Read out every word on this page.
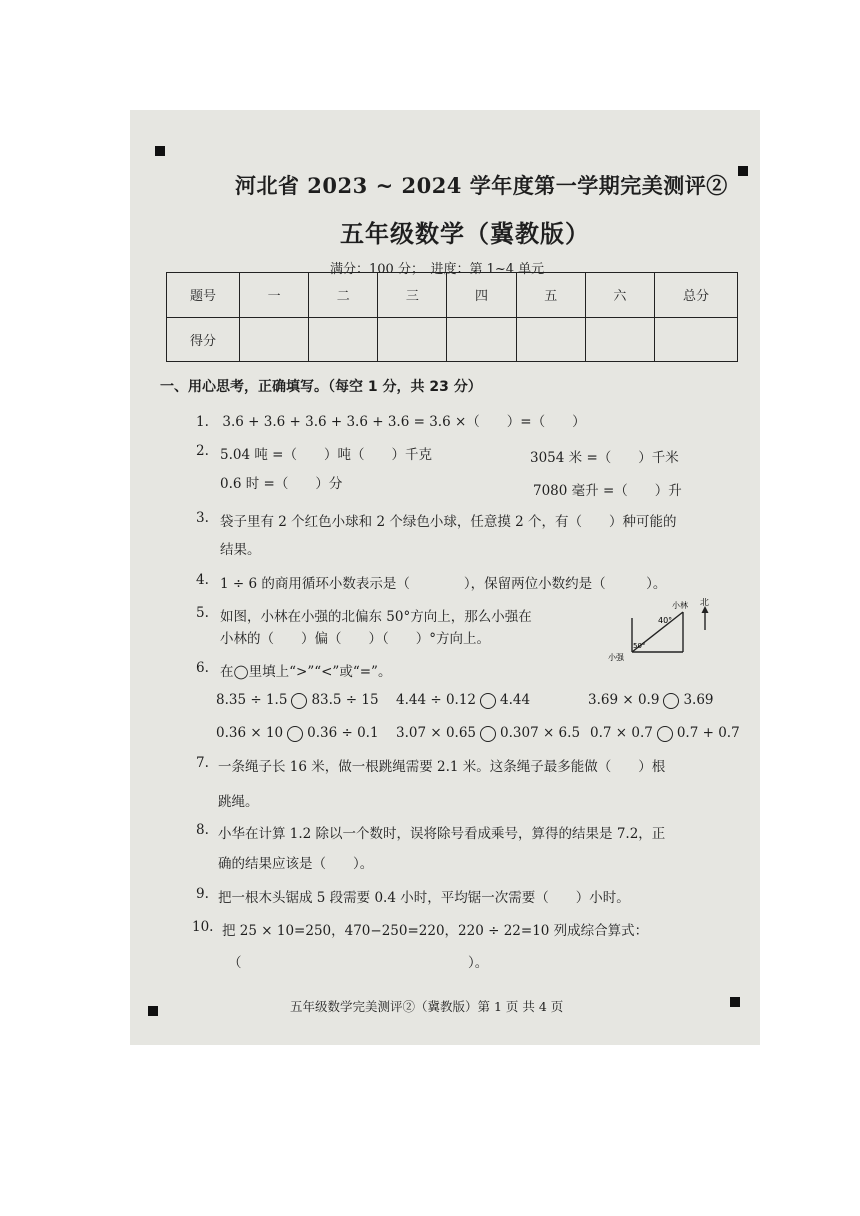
河北省 2023 ~ 2024 学年度第一学期完美测评②
五年级数学（冀教版）
满分：100 分；　进度：第 1~4 单元
题号	一	二	三	四	五	六	总分
得分							
一、用心思考，正确填写。（每空 1 分，共 23 分）
1.　3.6 + 3.6 + 3.6 + 3.6 + 3.6 = 3.6 ×（　　）=（　　）
2. 5.04 吨 =（　　）吨（　　）千克	3054 米 =（　　）千米
0.6 时 =（　　）分	7080 毫升 =（　　）升
3. 袋子里有 2 个红色小球和 2 个绿色小球，任意摸 2 个，有（　　）种可能的
结果。
4. 1 ÷ 6 的商用循环小数表示是（　　　　），保留两位小数约是（　　　）。
5. 如图，小林在小强的北偏东 50°方向上，那么小强在
小林的（　　）偏（　　）（　　）°方向上。
北
小林
40°
50°
小强
6. 在◯里填上“>”“<”或“=”。
8.35 ÷ 1.5 83.5 ÷ 15 4.44 ÷ 0.12 4.44	3.69 × 0.9 3.69
0.36 × 10 0.36 ÷ 0.1 3.07 × 0.65 0.307 × 6.5 0.7 × 0.7 0.7 + 0.7
7. 一条绳子长 16 米，做一根跳绳需要 2.1 米。这条绳子最多能做（　　）根
跳绳。
8. 小华在计算 1.2 除以一个数时，误将除号看成乘号，算得的结果是 7.2，正
确的结果应该是（　　）。
9. 把一根木头锯成 5 段需要 0.4 小时，平均锯一次需要（　　）小时。
10. 把 25 × 10=250，470−250=220，220 ÷ 22=10 列成综合算式：
（	）。
五年级数学完美测评②（冀教版）第 1 页 共 4 页
